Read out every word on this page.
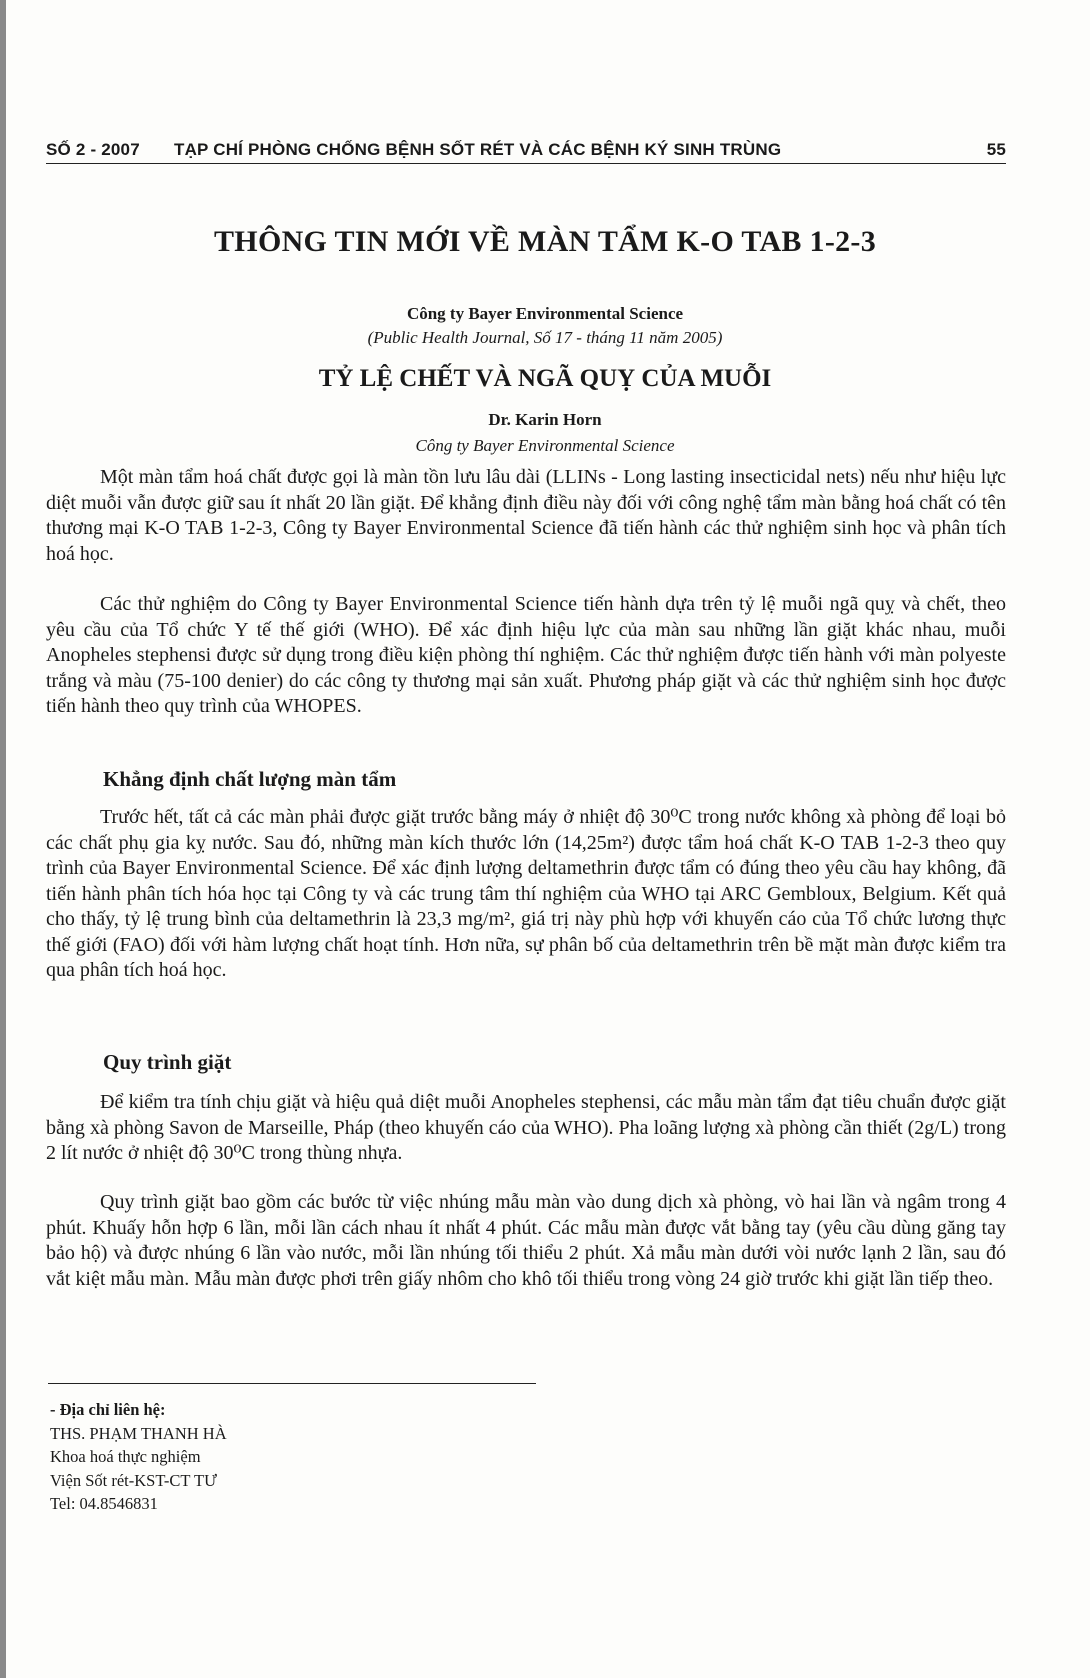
SỐ 2 - 2007 TẠP CHÍ PHÒNG CHỐNG BỆNH SỐT RÉT VÀ CÁC BỆNH KÝ SINH TRÙNG	55
THÔNG TIN MỚI VỀ MÀN TẨM K-O TAB 1-2-3
Công ty Bayer Environmental Science
(Public Health Journal, Số 17 - tháng 11 năm 2005)
TỶ LỆ CHẾT VÀ NGÃ QUỴ CỦA MUỖI
Dr. Karin Horn
Công ty Bayer Environmental Science

Một màn tẩm hoá chất được gọi là màn tồn lưu lâu dài (LLINs - Long lasting insecticidal nets) nếu như hiệu lực diệt muỗi vẫn được giữ sau ít nhất 20 lần giặt. Để khẳng định điều này đối với công nghệ tẩm màn bằng hoá chất có tên thương mại K-O TAB 1-2-3, Công ty Bayer Environmental Science đã tiến hành các thử nghiệm sinh học và phân tích hoá học.

Các thử nghiệm do Công ty Bayer Environmental Science tiến hành dựa trên tỷ lệ muỗi ngã quỵ và chết, theo yêu cầu của Tổ chức Y tế thế giới (WHO). Để xác định hiệu lực của màn sau những lần giặt khác nhau, muỗi Anopheles stephensi được sử dụng trong điều kiện phòng thí nghiệm. Các thử nghiệm được tiến hành với màn polyeste trắng và màu (75-100 denier) do các công ty thương mại sản xuất. Phương pháp giặt và các thử nghiệm sinh học được tiến hành theo quy trình của WHOPES.

Khẳng định chất lượng màn tẩm

Trước hết, tất cả các màn phải được giặt trước bằng máy ở nhiệt độ 30⁰C trong nước không xà phòng để loại bỏ các chất phụ gia kỵ nước. Sau đó, những màn kích thước lớn (14,25m²) được tẩm hoá chất K-O TAB 1-2-3 theo quy trình của Bayer Environmental Science. Để xác định lượng deltamethrin được tẩm có đúng theo yêu cầu hay không, đã tiến hành phân tích hóa học tại Công ty và các trung tâm thí nghiệm của WHO tại ARC Gembloux, Belgium. Kết quả cho thấy, tỷ lệ trung bình của deltamethrin là 23,3 mg/m², giá trị này phù hợp với khuyến cáo của Tổ chức lương thực thế giới (FAO) đối với hàm lượng chất hoạt tính. Hơn nữa, sự phân bố của deltamethrin trên bề mặt màn được kiểm tra qua phân tích hoá học.

Quy trình giặt

Để kiểm tra tính chịu giặt và hiệu quả diệt muỗi Anopheles stephensi, các mẫu màn tẩm đạt tiêu chuẩn được giặt bằng xà phòng Savon de Marseille, Pháp (theo khuyến cáo của WHO). Pha loãng lượng xà phòng cần thiết (2g/L) trong 2 lít nước ở nhiệt độ 30⁰C trong thùng nhựa.

Quy trình giặt bao gồm các bước từ việc nhúng mẫu màn vào dung dịch xà phòng, vò hai lần và ngâm trong 4 phút. Khuấy hỗn hợp 6 lần, mỗi lần cách nhau ít nhất 4 phút. Các mẫu màn được vắt bằng tay (yêu cầu dùng găng tay bảo hộ) và được nhúng 6 lần vào nước, mỗi lần nhúng tối thiểu 2 phút. Xả mẫu màn dưới vòi nước lạnh 2 lần, sau đó vắt kiệt mẫu màn. Mẫu màn được phơi trên giấy nhôm cho khô tối thiểu trong vòng 24 giờ trước khi giặt lần tiếp theo.

- Địa chỉ liên hệ:
THS. PHẠM THANH HÀ
Khoa hoá thực nghiệm
Viện Sốt rét-KST-CT TƯ
Tel: 04.8546831
